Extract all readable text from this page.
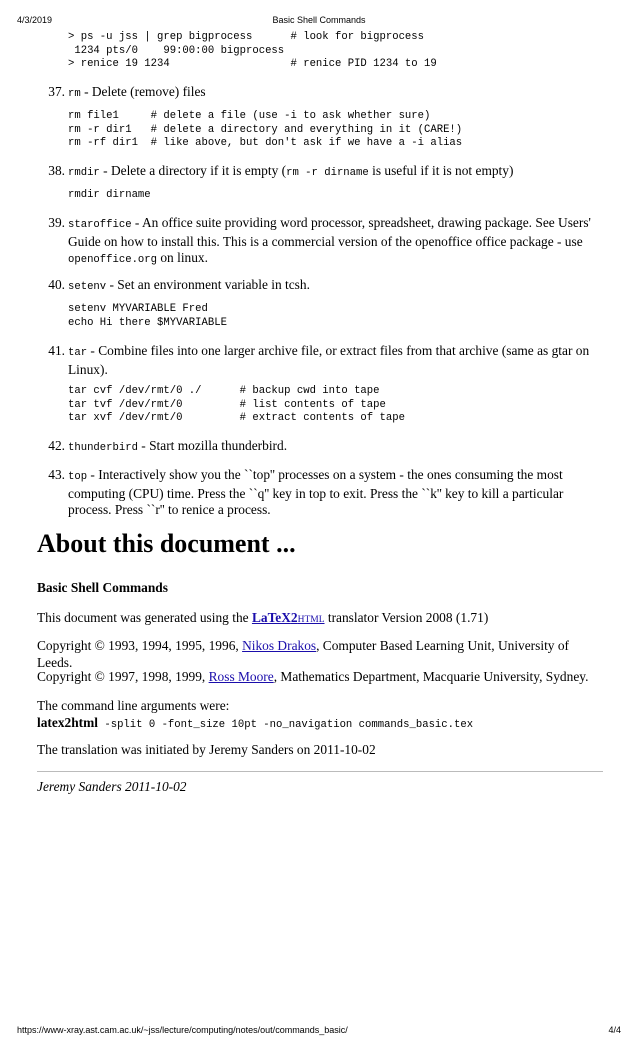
4/3/2019	Basic Shell Commands
> ps -u jss | grep bigprocess      # look for bigprocess
1234 pts/0    99:00:00 bigprocess
> renice 19 1234                   # renice PID 1234 to 19
37. rm - Delete (remove) files
rm file1     # delete a file (use -i to ask whether sure)
rm -r dir1   # delete a directory and everything in it (CARE!)
rm -rf dir1  # like above, but don't ask if we have a -i alias
38. rmdir - Delete a directory if it is empty (rm -r dirname is useful if it is not empty)
rmdir dirname
39. staroffice - An office suite providing word processor, spreadsheet, drawing package. See Users' Guide on how to install this. This is a commercial version of the openoffice office package - use openoffice.org on linux.
40. setenv - Set an environment variable in tcsh.
setenv MYVARIABLE Fred
echo Hi there $MYVARIABLE
41. tar - Combine files into one larger archive file, or extract files from that archive (same as gtar on Linux).
tar cvf /dev/rmt/0 ./      # backup cwd into tape
tar tvf /dev/rmt/0         # list contents of tape
tar xvf /dev/rmt/0         # extract contents of tape
42. thunderbird - Start mozilla thunderbird.
43. top - Interactively show you the ``top'' processes on a system - the ones consuming the most computing (CPU) time. Press the ``q'' key in top to exit. Press the ``k'' key to kill a particular process. Press ``r'' to renice a process.
About this document ...
Basic Shell Commands
This document was generated using the LaTeX2HTML translator Version 2008 (1.71)
Copyright © 1993, 1994, 1995, 1996, Nikos Drakos, Computer Based Learning Unit, University of Leeds.
Copyright © 1997, 1998, 1999, Ross Moore, Mathematics Department, Macquarie University, Sydney.
The command line arguments were:
latex2html -split 0 -font_size 10pt -no_navigation commands_basic.tex
The translation was initiated by Jeremy Sanders on 2011-10-02
Jeremy Sanders 2011-10-02
https://www-xray.ast.cam.ac.uk/~jss/lecture/computing/notes/out/commands_basic/	4/4
